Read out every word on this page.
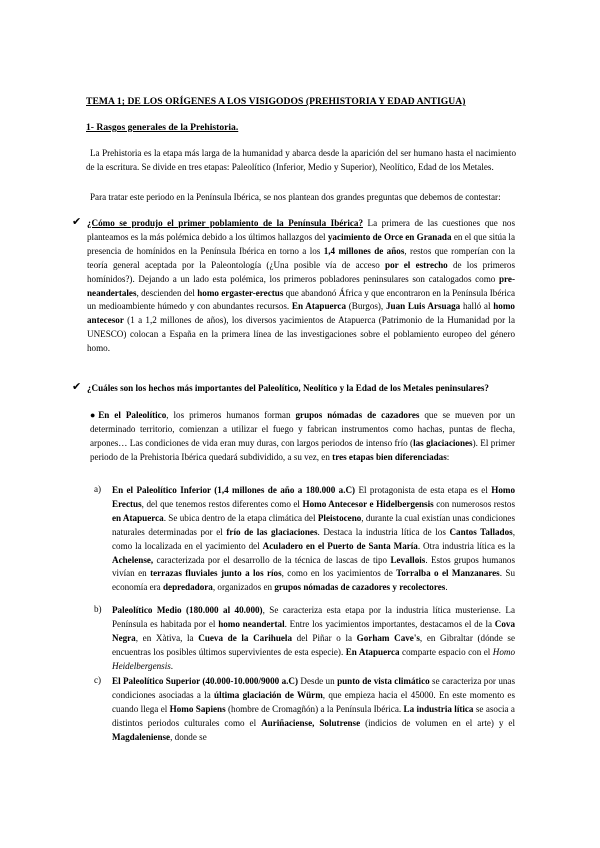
TEMA 1; DE LOS ORÍGENES A LOS VISIGODOS (PREHISTORIA Y EDAD ANTIGUA)
1- Rasgos generales de la Prehistoria.
La Prehistoria es la etapa más larga de la humanidad y abarca desde la aparición del ser humano hasta el nacimiento de la escritura. Se divide en tres etapas: Paleolítico (Inferior, Medio y Superior), Neolítico, Edad de los Metales.
Para tratar este periodo en la Península Ibérica, se nos plantean dos grandes preguntas que debemos de contestar:
✔ ¿Cómo se produjo el primer poblamiento de la Península Ibérica? La primera de las cuestiones que nos planteamos es la más polémica debido a los últimos hallazgos del yacimiento de Orce en Granada en el que sitúa la presencia de homínidos en la Península Ibérica en torno a los 1,4 millones de años, restos que romperían con la teoría general aceptada por la Paleontología (¿Una posible vía de acceso por el estrecho de los primeros homínidos?). Dejando a un lado esta polémica, los primeros pobladores peninsulares son catalogados como pre-neandertales, descienden del homo ergaster-erectus que abandonó África y que encontraron en la Península Ibérica un medioambiente húmedo y con abundantes recursos. En Atapuerca (Burgos), Juan Luis Arsuaga halló al homo antecesor (1 a 1,2 millones de años), los diversos yacimientos de Atapuerca (Patrimonio de la Humanidad por la UNESCO) colocan a España en la primera línea de las investigaciones sobre el poblamiento europeo del género homo.
✔ ¿Cuáles son los hechos más importantes del Paleolítico, Neolítico y la Edad de los Metales peninsulares?
●En el Paleolítico, los primeros humanos forman grupos nómadas de cazadores que se mueven por un determinado territorio, comienzan a utilizar el fuego y fabrican instrumentos como hachas, puntas de flecha, arpones… Las condiciones de vida eran muy duras, con largos periodos de intenso frío (las glaciaciones). El primer periodo de la Prehistoria Ibérica quedará subdividido, a su vez, en tres etapas bien diferenciadas:
a) En el Paleolítico Inferior (1,4 millones de año a 180.000 a.C) El protagonista de esta etapa es el Homo Erectus, del que tenemos restos diferentes como el Homo Antecesor e Hidelbergensis con numerosos restos en Atapuerca. Se ubica dentro de la etapa climática del Pleistoceno, durante la cual existían unas condiciones naturales determinadas por el frío de las glaciaciones. Destaca la industria lítica de los Cantos Tallados, como la localizada en el yacimiento del Aculadero en el Puerto de Santa María. Otra industria lítica es la Achelense, caracterizada por el desarrollo de la técnica de lascas de tipo Levallois. Estos grupos humanos vivían en terrazas fluviales junto a los ríos, como en los yacimientos de Torralba o el Manzanares. Su economía era depredadora, organizados en grupos nómadas de cazadores y recolectores.
b) Paleolítico Medio (180.000 al 40.000), Se caracteriza esta etapa por la industria lítica musteriense. La Península es habitada por el homo neandertal. Entre los yacimientos importantes, destacamos el de la Cova Negra, en Xàtiva, la Cueva de la Carihuela del Piñar o la Gorham Cave's, en Gibraltar (dónde se encuentras los posibles últimos supervivientes de esta especie). En Atapuerca comparte espacio con el Homo Heidelbergensis.
c) El Paleolítico Superior (40.000-10.000/9000 a.C) Desde un punto de vista climático se caracteriza por unas condiciones asociadas a la última glaciación de Würm, que empieza hacia el 45000. En este momento es cuando llega el Homo Sapiens (hombre de Cromagñón) a la Península Ibérica. La industria lítica se asocia a distintos periodos culturales como el Auriñaciense, Solutrense (indicios de volumen en el arte) y el Magdaleniense, donde se
